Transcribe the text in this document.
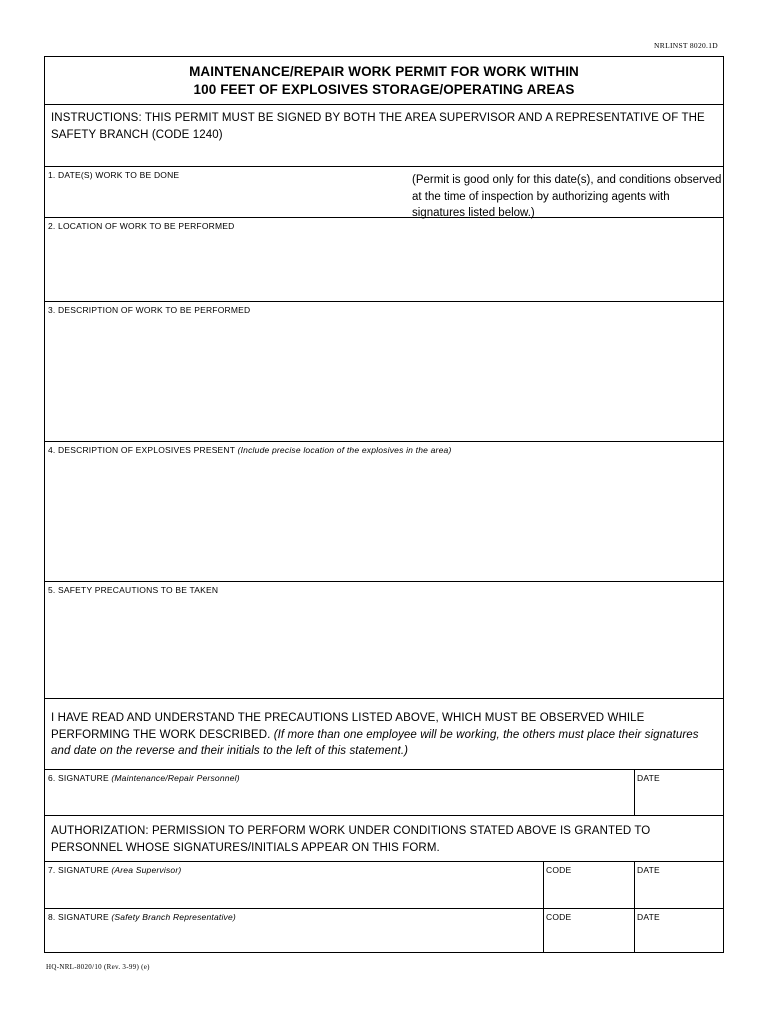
NRLINST 8020.1D
MAINTENANCE/REPAIR WORK PERMIT FOR WORK WITHIN
100 FEET OF EXPLOSIVES STORAGE/OPERATING AREAS
INSTRUCTIONS: THIS PERMIT MUST BE SIGNED BY BOTH THE AREA SUPERVISOR AND A REPRESENTATIVE OF THE SAFETY BRANCH (CODE 1240)
1. DATE(S) WORK TO BE DONE	(Permit is good only for this date(s), and conditions observed at the time of inspection by authorizing agents with signatures listed below.)
2. LOCATION OF WORK TO BE PERFORMED
3. DESCRIPTION OF WORK TO BE PERFORMED
4. DESCRIPTION OF EXPLOSIVES PRESENT (Include precise location of the explosives in the area)
5. SAFETY PRECAUTIONS TO BE TAKEN
I HAVE READ AND UNDERSTAND THE PRECAUTIONS LISTED ABOVE, WHICH MUST BE OBSERVED WHILE PERFORMING THE WORK DESCRIBED. (If more than one employee will be working, the others must place their signatures and date on the reverse and their initials to the left of this statement.)
6. SIGNATURE (Maintenance/Repair Personnel)	DATE
AUTHORIZATION: PERMISSION TO PERFORM WORK UNDER CONDITIONS STATED ABOVE IS GRANTED TO PERSONNEL WHOSE SIGNATURES/INITIALS APPEAR ON THIS FORM.
7. SIGNATURE (Area Supervisor)	CODE	DATE
8. SIGNATURE (Safety Branch Representative)	CODE	DATE
HQ-NRL-8020/10 (Rev. 3-99) (e)
